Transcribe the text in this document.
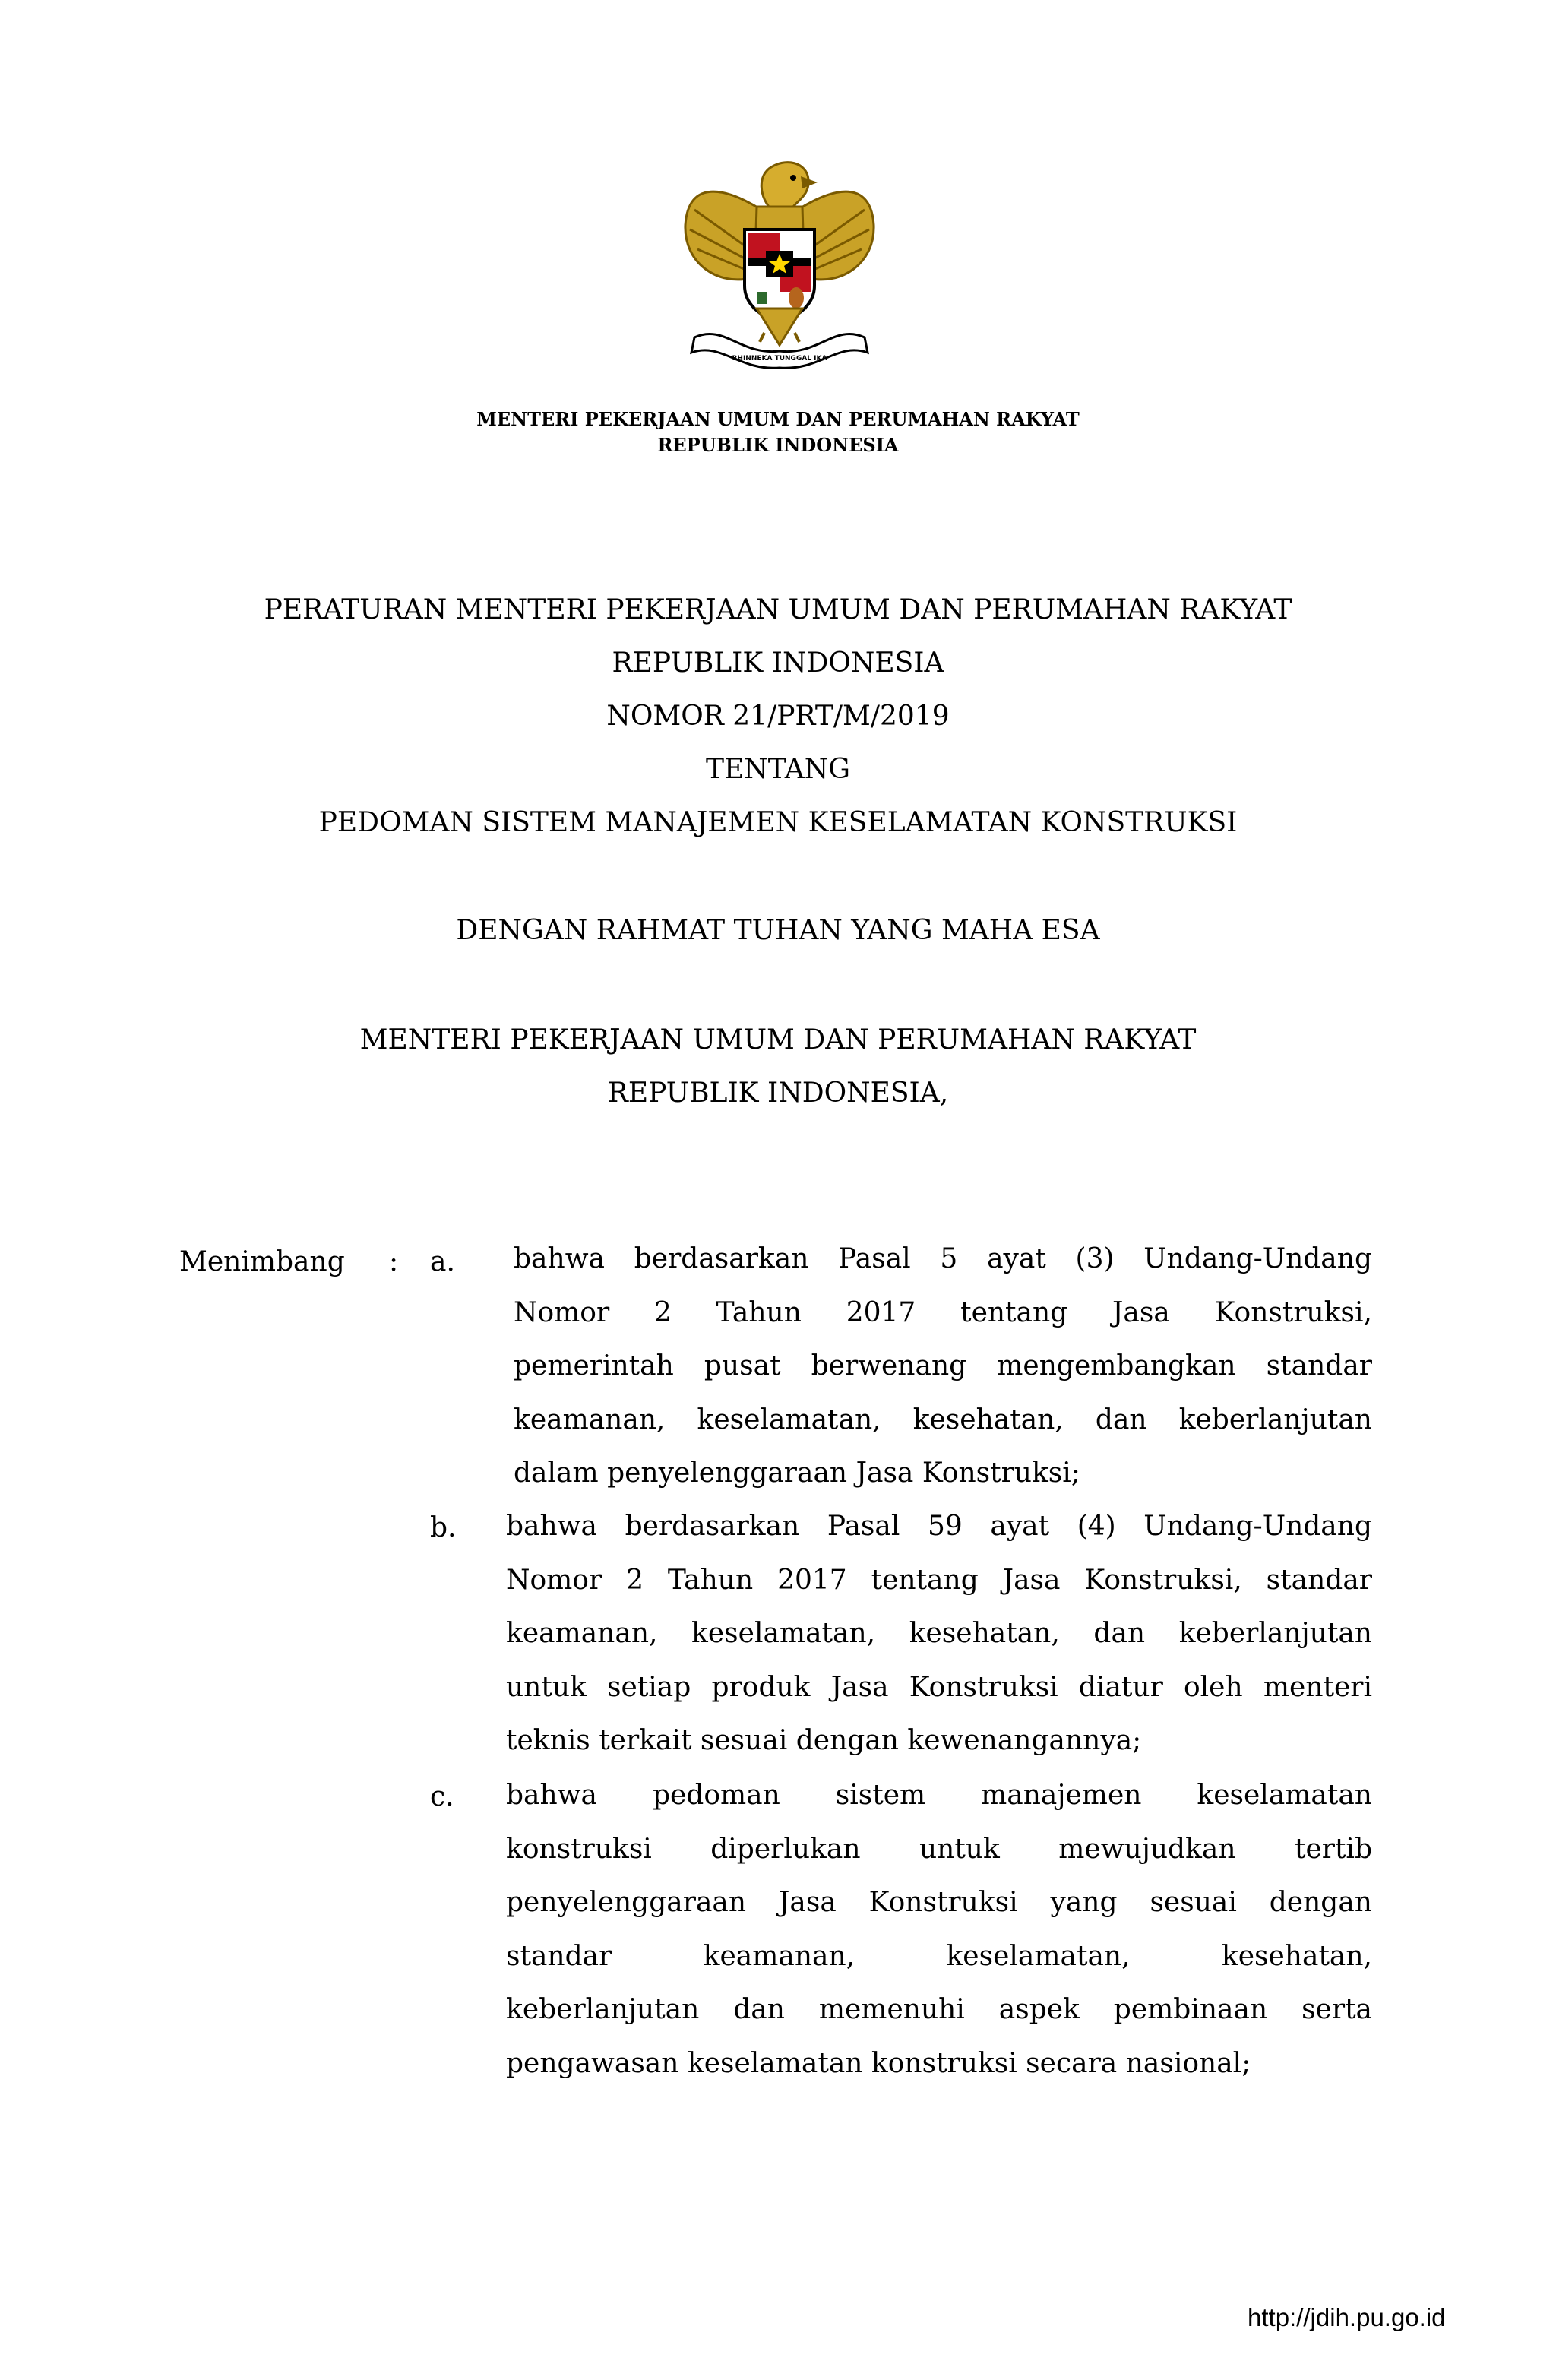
BHINNEKA TUNGGAL IKA
MENTERI PEKERJAAN UMUM DAN PERUMAHAN RAKYAT
REPUBLIK INDONESIA
PERATURAN MENTERI PEKERJAAN UMUM DAN PERUMAHAN RAKYAT
REPUBLIK INDONESIA
NOMOR 21/PRT/M/2019
TENTANG
PEDOMAN SISTEM MANAJEMEN KESELAMATAN KONSTRUKSI
DENGAN RAHMAT TUHAN YANG MAHA ESA
MENTERI PEKERJAAN UMUM DAN PERUMAHAN RAKYAT
REPUBLIK INDONESIA,
Menimbang : a. bahwa berdasarkan Pasal 5 ayat (3) Undang-Undang
Nomor 2 Tahun 2017 tentang Jasa Konstruksi,
pemerintah pusat berwenang mengembangkan standar
keamanan, keselamatan, kesehatan, dan keberlanjutan
dalam penyelenggaraan Jasa Konstruksi;
b. bahwa berdasarkan Pasal 59 ayat (4) Undang-Undang
Nomor 2 Tahun 2017 tentang Jasa Konstruksi, standar
keamanan, keselamatan, kesehatan, dan keberlanjutan
untuk setiap produk Jasa Konstruksi diatur oleh menteri
teknis terkait sesuai dengan kewenangannya;
c. bahwa pedoman sistem manajemen keselamatan
konstruksi diperlukan untuk mewujudkan tertib
penyelenggaraan Jasa Konstruksi yang sesuai dengan
standar keamanan, keselamatan, kesehatan,
keberlanjutan dan memenuhi aspek pembinaan serta
pengawasan keselamatan konstruksi secara nasional;
http://jdih.pu.go.id
